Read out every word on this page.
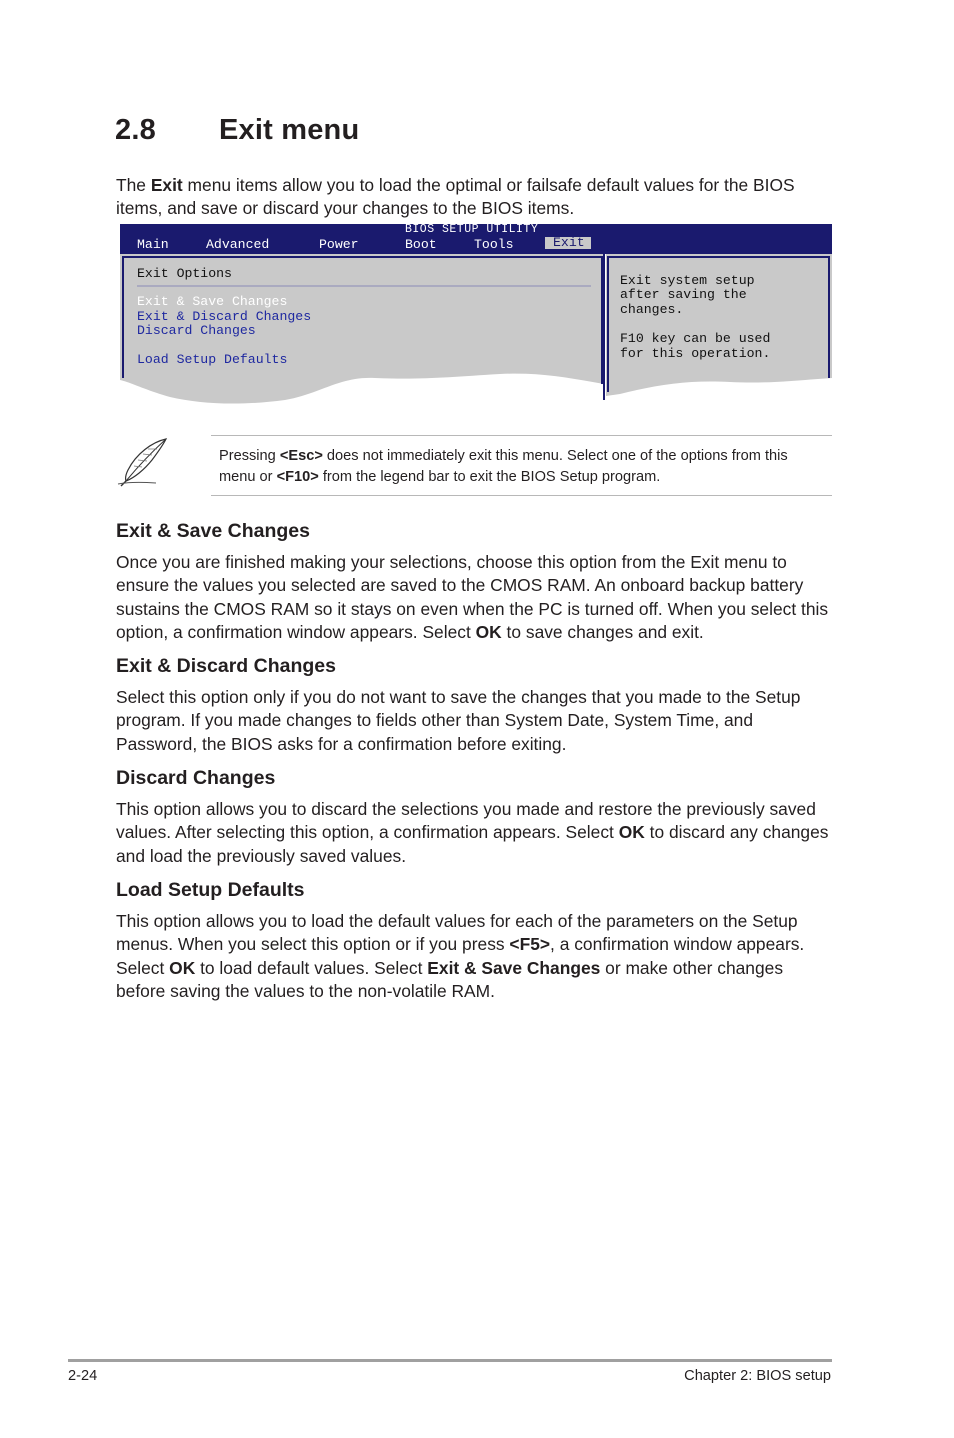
2.8 Exit menu

The Exit menu items allow you to load the optimal or failsafe default values for the BIOS items, and save or discard your changes to the BIOS items.

BIOS SETUP UTILITY
Main	Advanced	Power	Boot	Tools	Exit
Exit Options
Exit & Save Changes
Exit & Discard Changes
Discard Changes
Load Setup Defaults
Exit system setup
after saving the
changes.
F10 key can be used
for this operation.

Pressing <Esc> does not immediately exit this menu. Select one of the options from this menu or <F10> from the legend bar to exit the BIOS Setup program.

Exit & Save Changes

Once you are finished making your selections, choose this option from the Exit menu to ensure the values you selected are saved to the CMOS RAM. An onboard backup battery sustains the CMOS RAM so it stays on even when the PC is turned off. When you select this option, a confirmation window appears. Select OK to save changes and exit.

Exit & Discard Changes

Select this option only if you do not want to save the changes that you made to the Setup program. If you made changes to fields other than System Date, System Time, and Password, the BIOS asks for a confirmation before exiting.

Discard Changes

This option allows you to discard the selections you made and restore the previously saved values. After selecting this option, a confirmation appears. Select OK to discard any changes and load the previously saved values.

Load Setup Defaults

This option allows you to load the default values for each of the parameters on the Setup menus. When you select this option or if you press <F5>, a confirmation window appears. Select OK to load default values. Select Exit & Save Changes or make other changes before saving the values to the non-volatile RAM.

2-24	Chapter 2: BIOS setup
